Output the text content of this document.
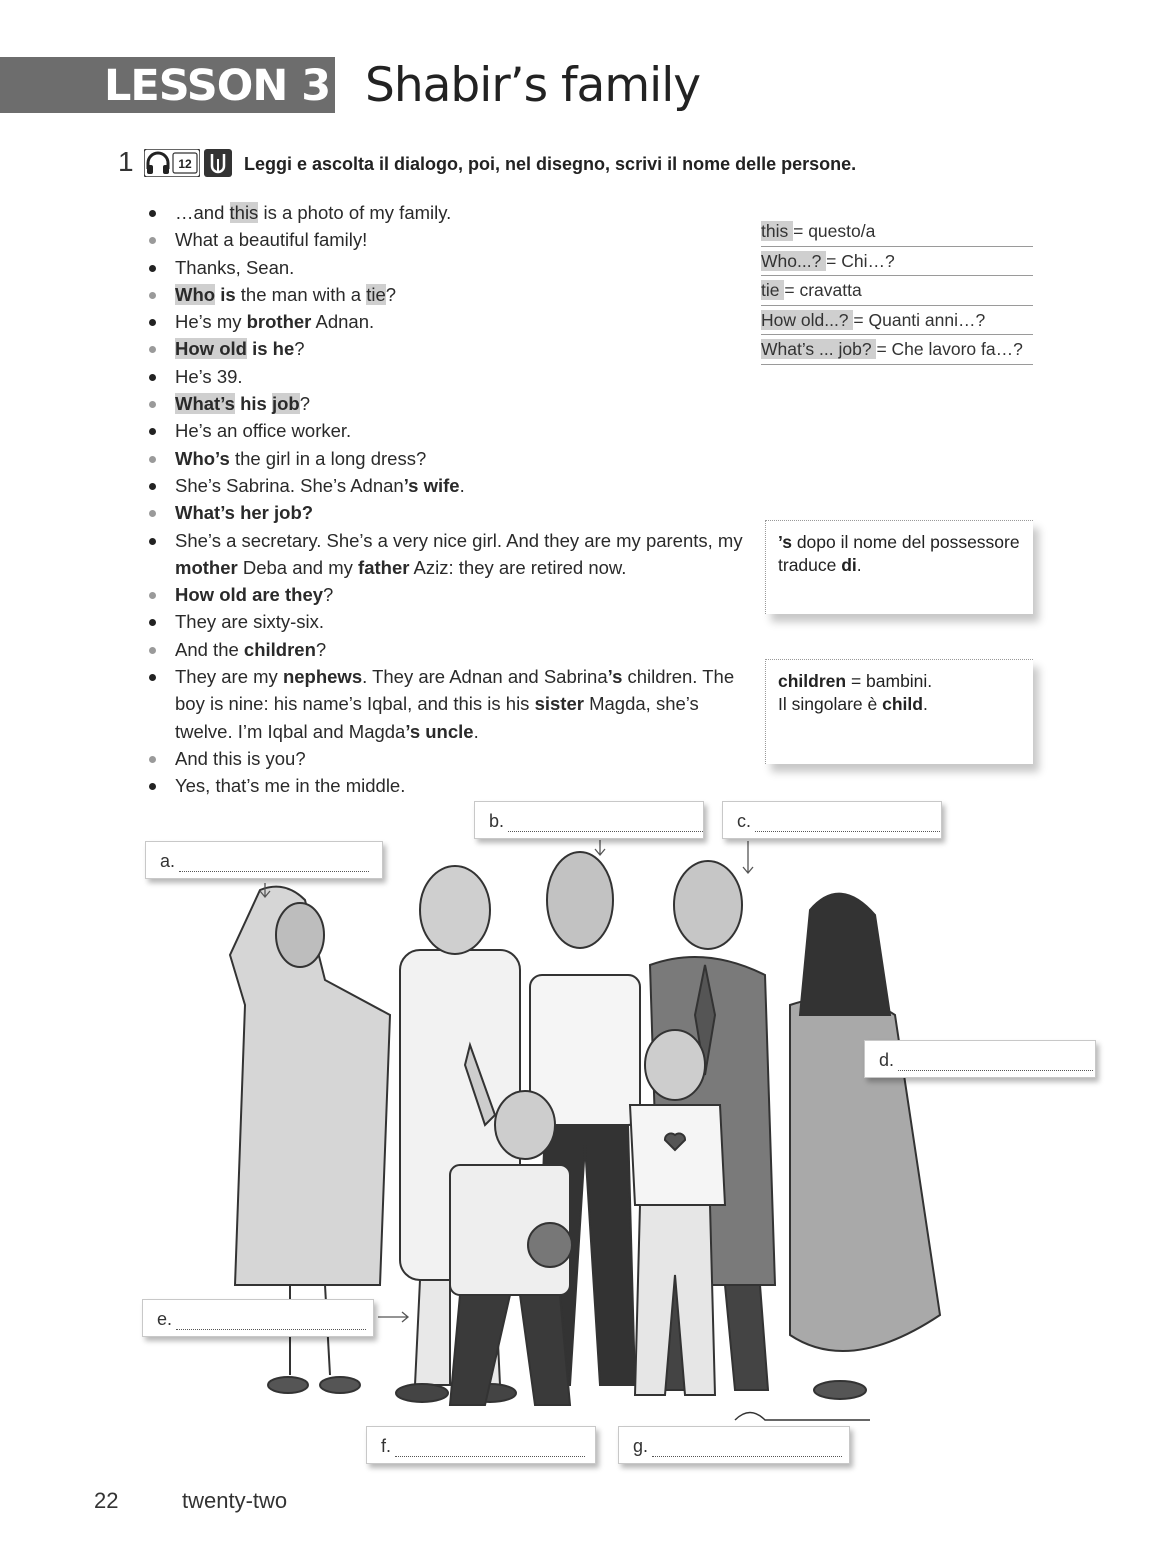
LESSON 3 Shabir’s family
1	12	Leggi e ascolta il dialogo, poi, nel disegno, scrivi il nome delle persone.
…and this is a photo of my family.
What a beautiful family!
Thanks, Sean.
Who is the man with a tie?
He’s my brother Adnan.
How old is he?
He’s 39.
What’s his job?
He’s an office worker.
Who’s the girl in a long dress?
She’s Sabrina. She’s Adnan’s wife.
What’s her job?
She’s a secretary. She’s a very nice girl. And they are my parents, my mother Deba and my father Aziz: they are retired now.
How old are they?
They are sixty-six.
And the children?
They are my nephews. They are Adnan and Sabrina’s children. The boy is nine: his name’s Iqbal, and this is his sister Magda, she’s twelve. I’m Iqbal and Magda’s uncle.
And this is you?
Yes, that’s me in the middle.
this = questo/a
Who...? = Chi…?
tie = cravatta
How old...? = Quanti anni…?
What’s ... job? = Che lavoro fa…?
’s dopo il nome del possessore traduce di.
children = bambini.
Il singolare è child.
a.
b.	c.
d.
e.
f.	g.
22	twenty-two
